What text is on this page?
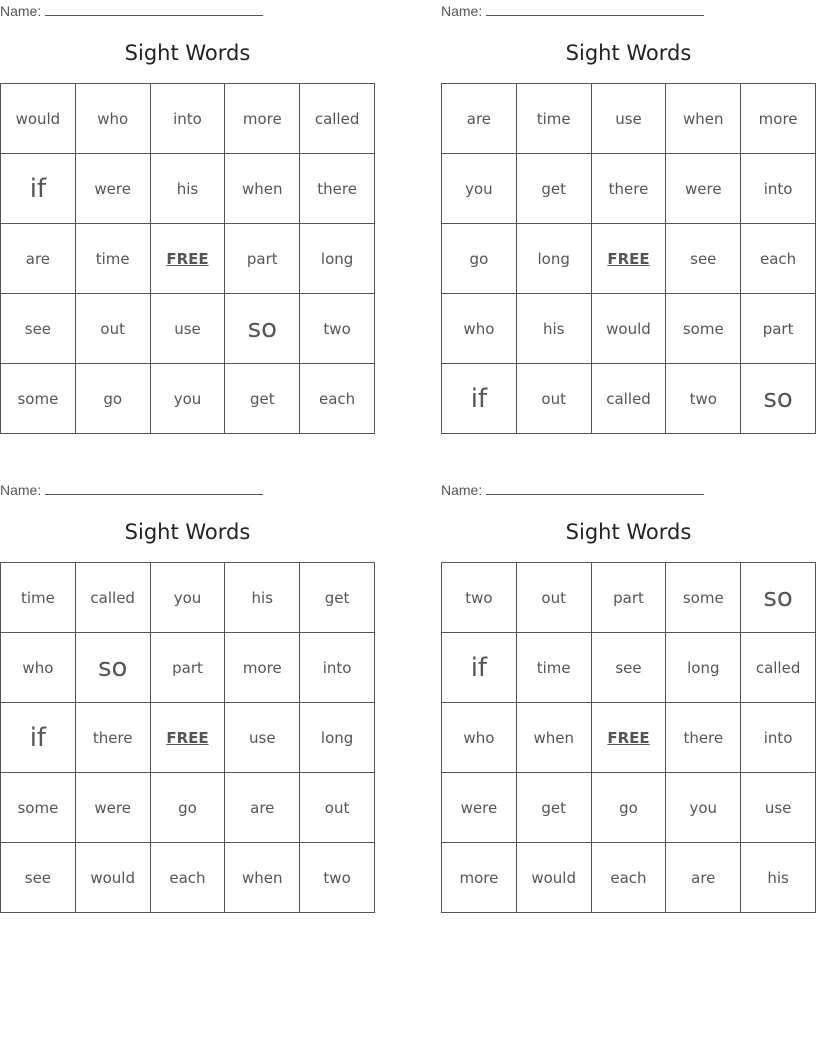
Name:
Sight Words
would	who	into	more	called
if	were	his	when	there
are	time	FREE	part	long
see	out	use	so	two
some	go	you	get	each
Name:
Sight Words
are	time	use	when	more
you	get	there	were	into
go	long	FREE	see	each
who	his	would	some	part
if	out	called	two	so
Name:
Sight Words
time	called	you	his	get
who	so	part	more	into
if	there	FREE	use	long
some	were	go	are	out
see	would	each	when	two
Name:
Sight Words
two	out	part	some	so
if	time	see	long	called
who	when	FREE	there	into
were	get	go	you	use
more	would	each	are	his
